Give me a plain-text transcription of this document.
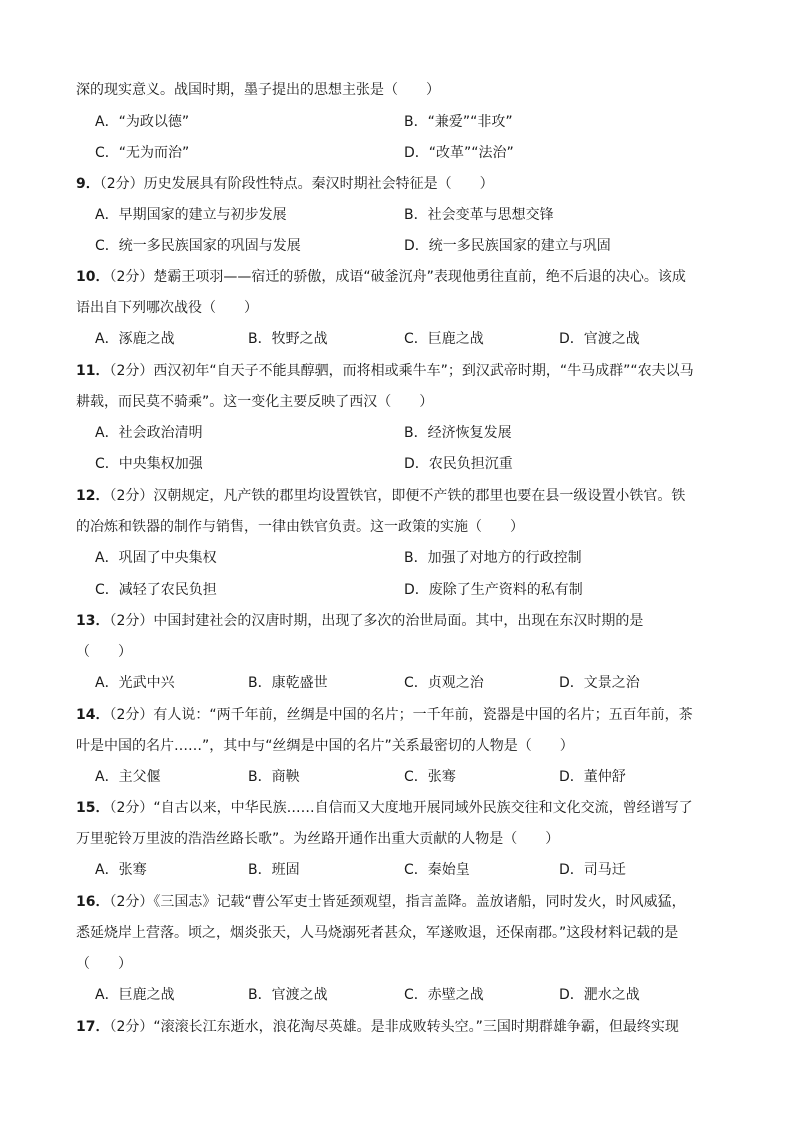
深的现实意义。战国时期，墨子提出的思想主张是（　　）
A．“为政以德”	B．“兼爱”“非攻”
C．“无为而治”	D．“改革”“法治”
9．（2分）历史发展具有阶段性特点。秦汉时期社会特征是（　　）
A．早期国家的建立与初步发展	B．社会变革与思想交锋
C．统一多民族国家的巩固与发展	D．统一多民族国家的建立与巩固
10．（2分）楚霸王项羽——宿迁的骄傲，成语“破釜沉舟”表现他勇往直前，绝不后退的决心。该成
语出自下列哪次战役（　　）
A．涿鹿之战	B．牧野之战	C．巨鹿之战	D．官渡之战
11．（2分）西汉初年“自天子不能具醇驷，而将相或乘牛车”；到汉武帝时期，“牛马成群”“农夫以马
耕载，而民莫不骑乘”。这一变化主要反映了西汉（　　）
A．社会政治清明	B．经济恢复发展
C．中央集权加强	D．农民负担沉重
12．（2分）汉朝规定，凡产铁的郡里均设置铁官，即便不产铁的郡里也要在县一级设置小铁官。铁
的冶炼和铁器的制作与销售，一律由铁官负责。这一政策的实施（　　）
A．巩固了中央集权	B．加强了对地方的行政控制
C．减轻了农民负担	D．废除了生产资料的私有制
13．（2分）中国封建社会的汉唐时期，出现了多次的治世局面。其中，出现在东汉时期的是
（　　）
A．光武中兴	B．康乾盛世	C．贞观之治	D．文景之治
14．（2分）有人说：“两千年前，丝绸是中国的名片；一千年前，瓷器是中国的名片；五百年前，茶
叶是中国的名片……”，其中与“丝绸是中国的名片”关系最密切的人物是（　　）
A．主父偃	B．商鞅	C．张骞	D．董仲舒
15．（2分）“自古以来，中华民族……自信而又大度地开展同域外民族交往和文化交流，曾经谱写了
万里驼铃万里波的浩浩丝路长歌”。为丝路开通作出重大贡献的人物是（　　）
A．张骞	B．班固	C．秦始皇	D．司马迁
16．（2分）《三国志》记载“曹公军吏士皆延颈观望，指言盖降。盖放诸船，同时发火，时风威猛，
悉延烧岸上营落。顷之，烟炎张天，人马烧溺死者甚众，军遂败退，还保南郡。”这段材料记载的是
（　　）
A．巨鹿之战	B．官渡之战	C．赤壁之战	D．淝水之战
17．（2分）“滚滚长江东逝水，浪花淘尽英雄。是非成败转头空。”三国时期群雄争霸，但最终实现
